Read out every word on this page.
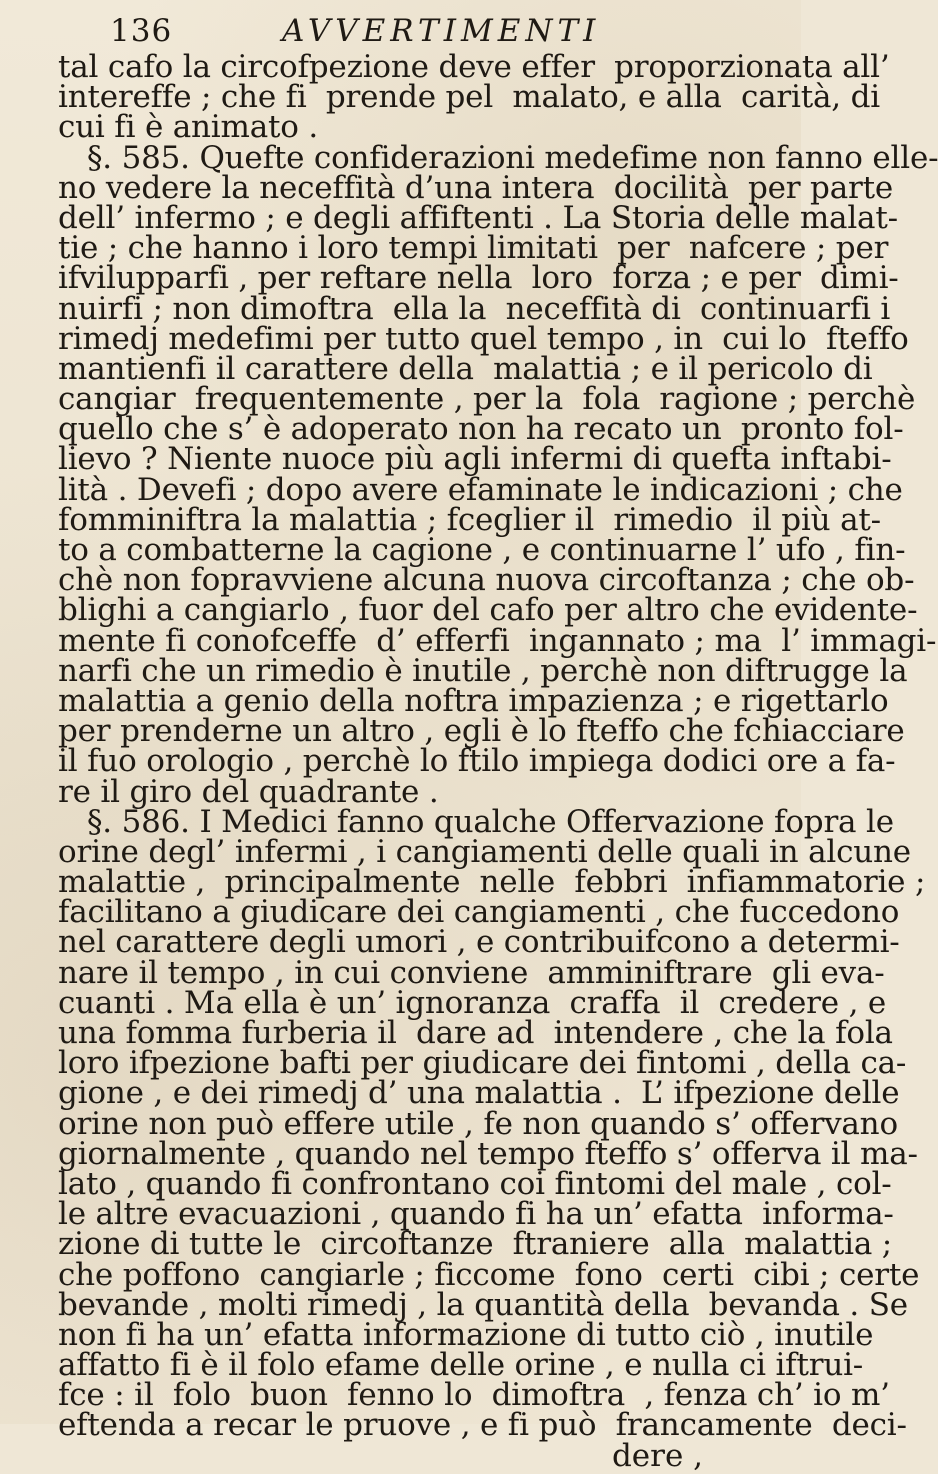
136	AVVERTIMENTI
tal cafo la circofpezione deve effer  proporzionata all’
intereffe ; che fi  prende pel  malato, e alla  carità, di
cui fi è animato .
§. 585. Quefte confiderazioni medefime non fanno elle-
no vedere la neceffità d’una intera  docilità  per parte
dell’ infermo ; e degli affiftenti . La Storia delle malat-
tie ; che hanno i loro tempi limitati  per  nafcere ; per
ifvilupparfi , per reftare nella  loro  forza ; e per  dimi-
nuirfi ; non dimoftra  ella la  neceffità di  continuarfi i
rimedj medefimi per tutto quel tempo , in  cui lo  fteffo
mantienfi il carattere della  malattia ; e il pericolo di
cangiar  frequentemente , per la  fola  ragione ; perchè
quello che s’ è adoperato non ha recato un  pronto fol-
lievo ? Niente nuoce più agli infermi di quefta inftabi-
lità . Devefi ; dopo avere efaminate le indicazioni ; che
fomminiftra la malattia ; fceglier il  rimedio  il più at-
to a combatterne la cagione , e continuarne l’ ufo , fin-
chè non fopravviene alcuna nuova circoftanza ; che ob-
blighi a cangiarlo , fuor del cafo per altro che evidente-
mente fi conofceffe  d’ efferfi  ingannato ; ma  l’ immagi-
narfi che un rimedio è inutile , perchè non diftrugge la
malattia a genio della noftra impazienza ; e rigettarlo
per prenderne un altro , egli è lo fteffo che fchiacciare
il fuo orologio , perchè lo ftilo impiega dodici ore a fa-
re il giro del quadrante .
§. 586. I Medici fanno qualche Offervazione fopra le
orine degl’ infermi , i cangiamenti delle quali in alcune
malattie ,  principalmente  nelle  febbri  infiammatorie ;
facilitano a giudicare dei cangiamenti , che fuccedono
nel carattere degli umori , e contribuifcono a determi-
nare il tempo , in cui conviene  amminiftrare  gli eva-
cuanti . Ma ella è un’ ignoranza  craffa  il  credere , e
una fomma furberia il  dare ad  intendere , che la fola
loro ifpezione bafti per giudicare dei fintomi , della ca-
gione , e dei rimedj d’ una malattia .  L’ ifpezione delle
orine non può effere utile , fe non quando s’ offervano
giornalmente , quando nel tempo fteffo s’ offerva il ma-
lato , quando fi confrontano coi fintomi del male , col-
le altre evacuazioni , quando fi ha un’ efatta  informa-
zione di tutte le  circoftanze  ftraniere  alla  malattia ;
che poffono  cangiarle ; ficcome  fono  certi  cibi ; certe
bevande , molti rimedj , la quantità della  bevanda . Se
non fi ha un’ efatta informazione di tutto ciò , inutile
affatto fi è il folo efame delle orine , e nulla ci iftrui-
fce : il  folo  buon  fenno lo  dimoftra  , fenza ch’ io m’
eftenda a recar le pruove , e fi può  francamente  deci-
dere ,
